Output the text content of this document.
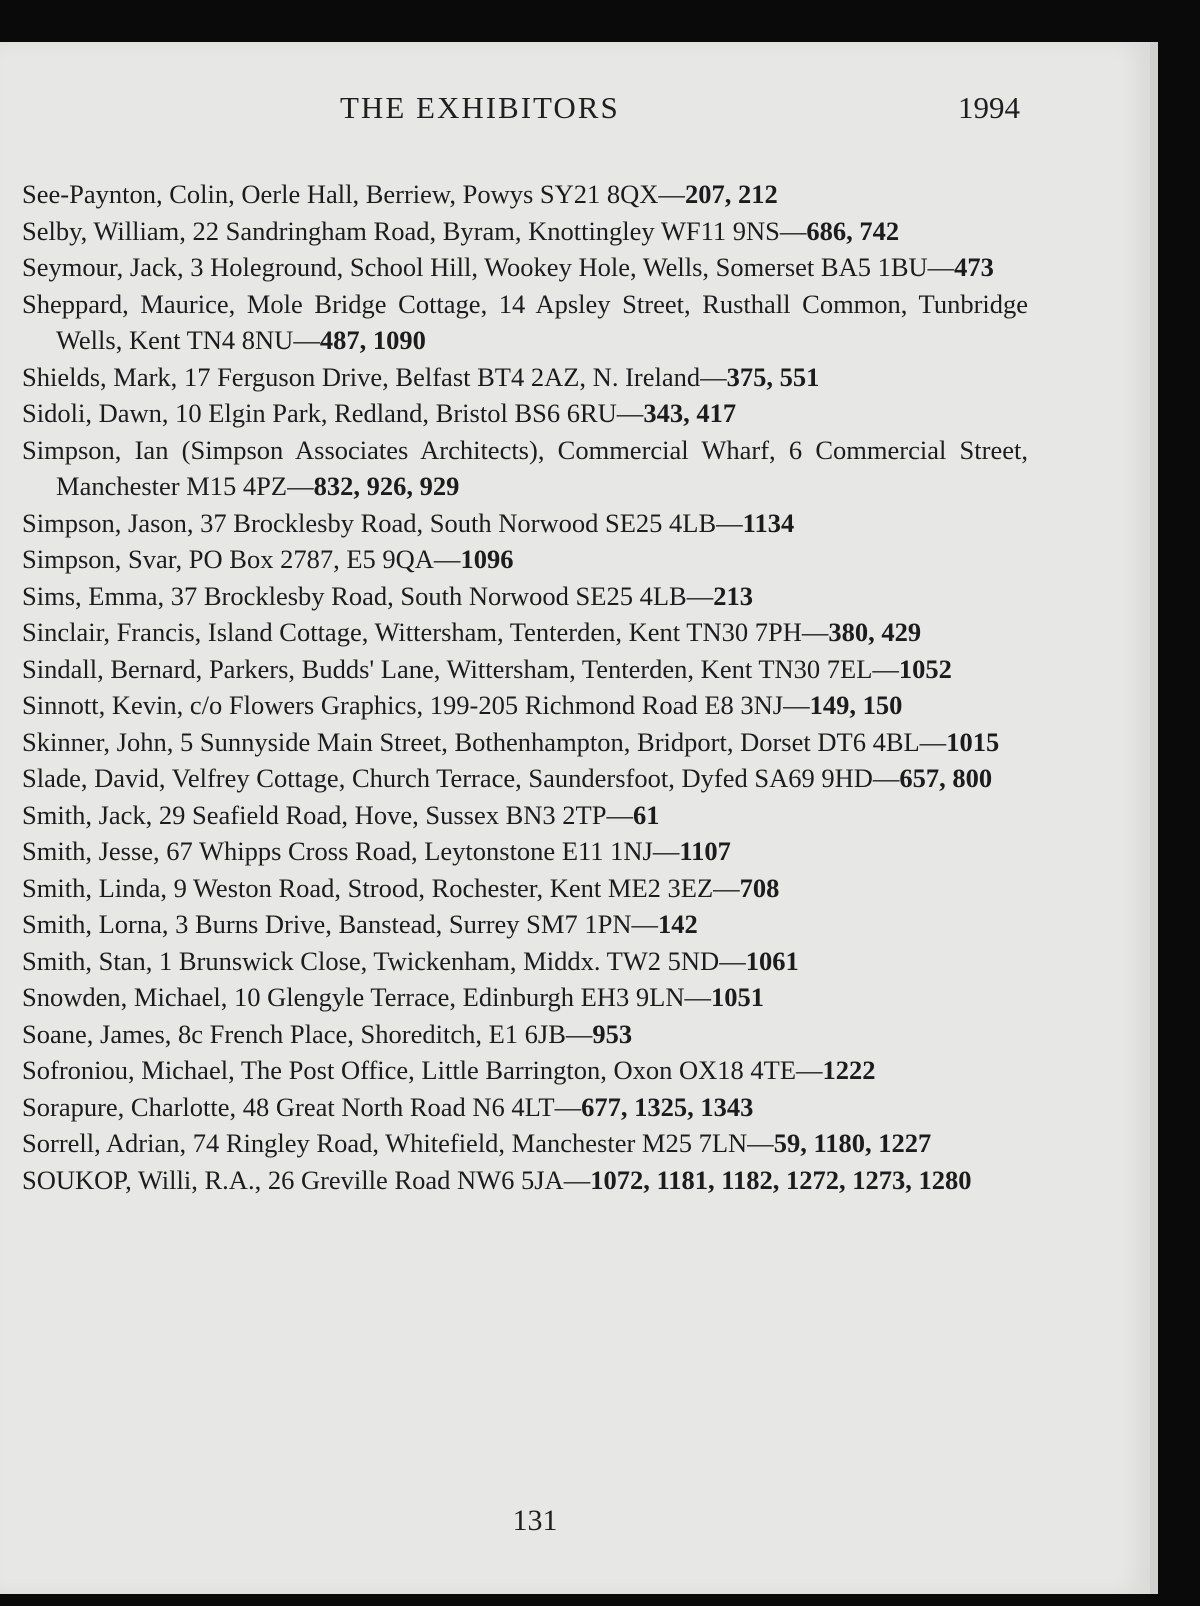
THE EXHIBITORS	1994
See-Paynton, Colin, Oerle Hall, Berriew, Powys SY21 8QX—207, 212
Selby, William, 22 Sandringham Road, Byram, Knottingley WF11 9NS—686, 742
Seymour, Jack, 3 Holeground, School Hill, Wookey Hole, Wells, Somerset BA5 1BU—473
Sheppard, Maurice, Mole Bridge Cottage, 14 Apsley Street, Rusthall Common, Tunbridge Wells, Kent TN4 8NU—487, 1090
Shields, Mark, 17 Ferguson Drive, Belfast BT4 2AZ, N. Ireland—375, 551
Sidoli, Dawn, 10 Elgin Park, Redland, Bristol BS6 6RU—343, 417
Simpson, Ian (Simpson Associates Architects), Commercial Wharf, 6 Commercial Street, Manchester M15 4PZ—832, 926, 929
Simpson, Jason, 37 Brocklesby Road, South Norwood SE25 4LB—1134
Simpson, Svar, PO Box 2787, E5 9QA—1096
Sims, Emma, 37 Brocklesby Road, South Norwood SE25 4LB—213
Sinclair, Francis, Island Cottage, Wittersham, Tenterden, Kent TN30 7PH—380, 429
Sindall, Bernard, Parkers, Budds' Lane, Wittersham, Tenterden, Kent TN30 7EL—1052
Sinnott, Kevin, c/o Flowers Graphics, 199-205 Richmond Road E8 3NJ—149, 150
Skinner, John, 5 Sunnyside Main Street, Bothenhampton, Bridport, Dorset DT6 4BL—1015
Slade, David, Velfrey Cottage, Church Terrace, Saundersfoot, Dyfed SA69 9HD—657, 800
Smith, Jack, 29 Seafield Road, Hove, Sussex BN3 2TP—61
Smith, Jesse, 67 Whipps Cross Road, Leytonstone E11 1NJ—1107
Smith, Linda, 9 Weston Road, Strood, Rochester, Kent ME2 3EZ—708
Smith, Lorna, 3 Burns Drive, Banstead, Surrey SM7 1PN—142
Smith, Stan, 1 Brunswick Close, Twickenham, Middx. TW2 5ND—1061
Snowden, Michael, 10 Glengyle Terrace, Edinburgh EH3 9LN—1051
Soane, James, 8c French Place, Shoreditch, E1 6JB—953
Sofroniou, Michael, The Post Office, Little Barrington, Oxon OX18 4TE—1222
Sorapure, Charlotte, 48 Great North Road N6 4LT—677, 1325, 1343
Sorrell, Adrian, 74 Ringley Road, Whitefield, Manchester M25 7LN—59, 1180, 1227
SOUKOP, Willi, R.A., 26 Greville Road NW6 5JA—1072, 1181, 1182, 1272, 1273, 1280
131
